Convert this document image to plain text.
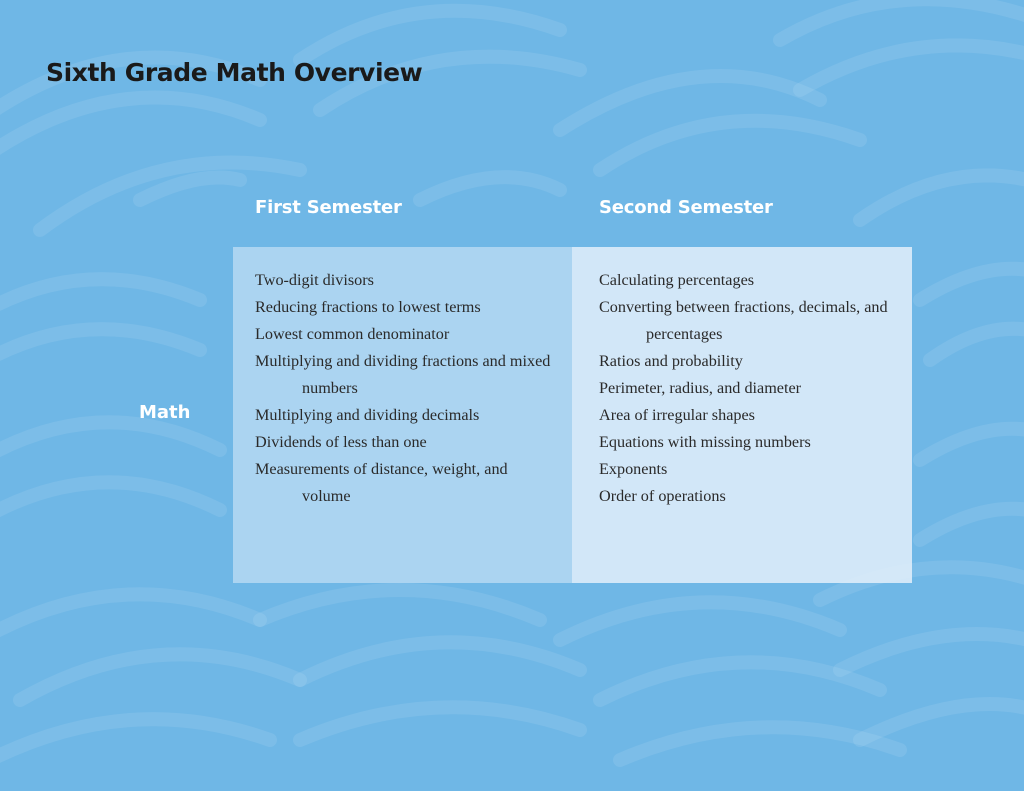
Sixth Grade Math Overview
First Semester	Second Semester
Math
Two-digit divisors
Reducing fractions to lowest terms
Lowest common denominator
Multiplying and dividing fractions and mixed numbers
Multiplying and dividing decimals
Dividends of less than one
Measurements of distance, weight, and volume
Calculating percentages
Converting between fractions, decimals, and percentages
Ratios and probability
Perimeter, radius, and diameter
Area of irregular shapes
Equations with missing numbers
Exponents
Order of operations
